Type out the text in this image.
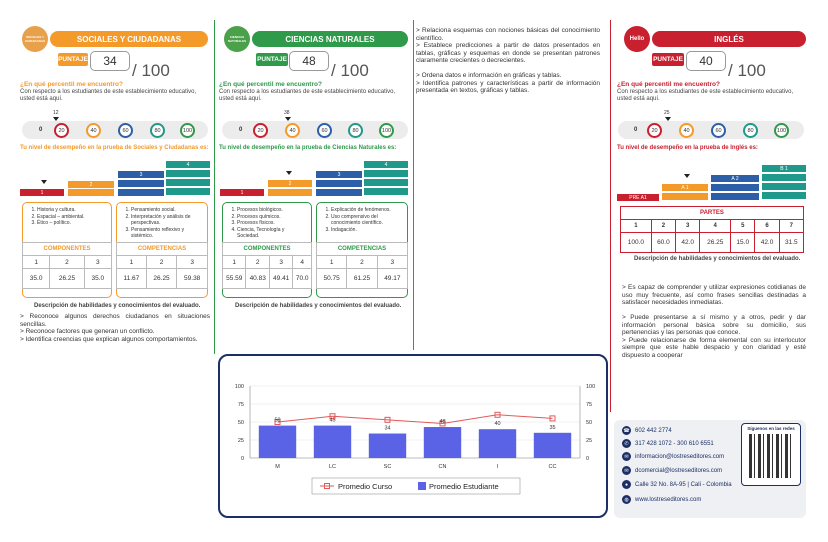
SOCIALES Y CIUDADANAS	SOCIALES Y CIUDADANAS
PUNTAJE	34 / 100
¿En qué percentil me encuentro?
Con respecto a los estudiantes de este establecimiento educativo, usted está aquí.
0
12
20	40	60	80	100
Tu nivel de desempeño en la prueba de Sociales y Ciudadanas es:
1
2
3
4
1. Historia y cultura.
2. Espacial – ambiental.
3. Ético – político.
COMPONENTES		
1	2	3
35.0	26.25	35.0
1. Pensamiento social.
2. Interpretación y análisis de perspectivas.
3. Pensamiento reflexivo y sistémico.
COMPETENCIAS		
1	2	3
11.67	26.25	59.38
Descripción de habilidades y conocimientos del evaluado.
> Reconoce algunos derechos ciudadanos en situaciones sencillas.
> Reconoce factores que generan un conflicto.
> Identifica creencias que explican algunos comportamientos.
CIENCIAS NATURALES	CIENCIAS NATURALES
PUNTAJE	48 / 100
¿En qué percentil me encuentro?
Con respecto a los estudiantes de este establecimiento educativo, usted está aquí.
0
38
20	40	60	80	100
Tu nivel de desempeño en la prueba de Ciencias Naturales es:
1
2
3
4
1. Procesos biológicos.
2. Procesos químicos.
3. Procesos físicos.
4. Ciencia, Tecnología y Sociedad.
COMPONENTES			
1	2	3	4
55.59	40.83	49.41	70.0
1. Explicación de fenómenos.
2. Uso comprensivo del conocimiento científico.
3. Indagación.
COMPETENCIAS		
1	2	3
50.75	61.25	49.17
Descripción de habilidades y conocimientos del evaluado.
> Relaciona esquemas con nociones básicas del conocimiento científico.
> Establece predicciones a partir de datos presentados en tablas, gráficas y esquemas en donde se presentan patrones claramente crecientes o decrecientes.

> Ordena datos e información en gráficas y tablas.
> Identifica patrones y características a partir de información presentada en textos, gráficas y tablas.
Hello	INGLÉS
PUNTAJE	40 / 100
¿En qué percentil me encuentro?
Con respecto a los estudiantes de este establecimiento educativo, usted está aquí.
0
25
20	40	60	80	100
Tu nivel de desempeño en la prueba de Inglés es:
PRE A1
A 1
A 2
B 1
PARTES						
1	2	3	4	5	6	7
100.0	60.0	42.0	26.25	15.0	42.0	31.5
Descripción de habilidades y conocimientos del evaluado.
> Es capaz de comprender y utilizar expresiones cotidianas de uso muy frecuente, así como frases sencillas destinadas a satisfacer necesidades inmediatas.

> Puede presentarse a sí mismo y a otros, pedir y dar información personal básica sobre su domicilio, sus pertenencias y las personas que conoce.
> Puede relacionarse de forma elemental con su interlocutor siempre que este hable despacio y con claridad y esté dispuesto a cooperar
0	0
25	25
50	50
75	75
100	100
M	LC	SC	CN	I	CC
50	45
34
48	40
35
Promedio Curso	Promedio Estudiante
☎ 602 442 2774
✆	317 428 1072 - 300 610 6551
✉	informacion@lostreseditores.com
✉	dcomercial@lostreseditores.com
●	Calle 32 No. 8A-95 | Cali - Colombia
◍	www.lostreseditores.com
Síguenos en las redes
